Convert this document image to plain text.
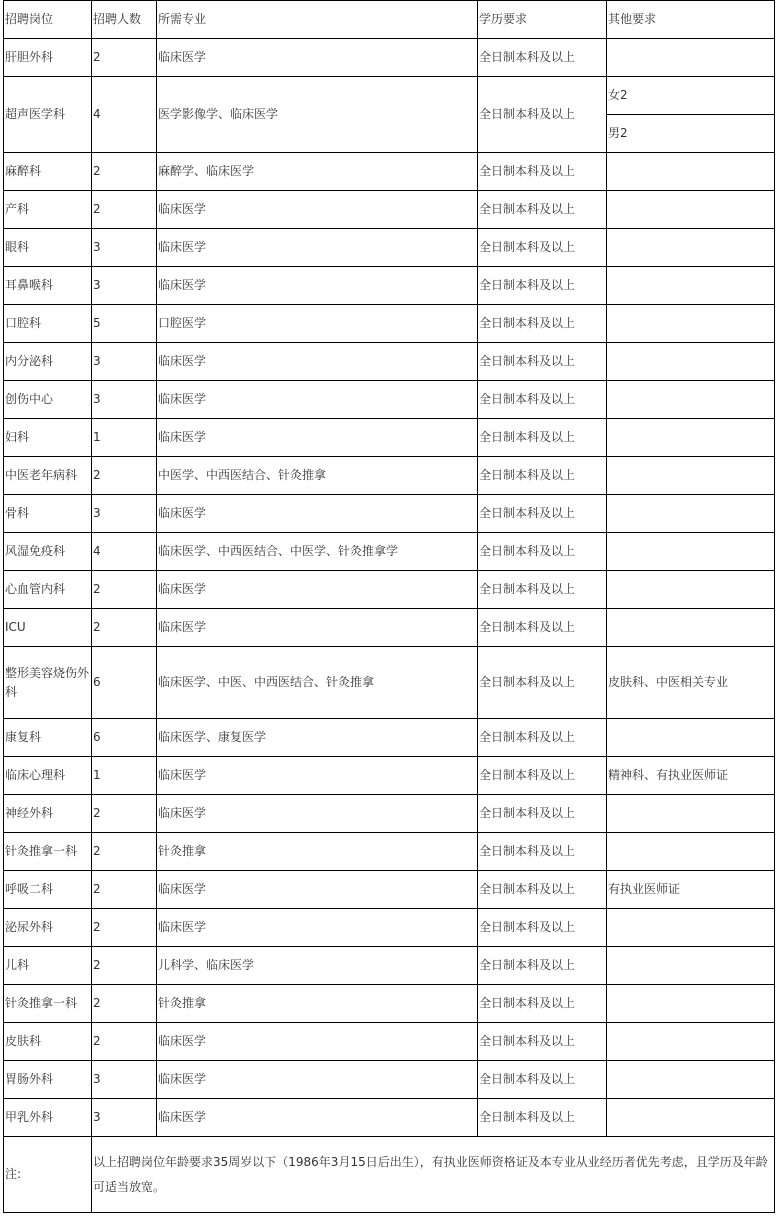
招聘岗位	招聘人数	所需专业	学历要求	其他要求
肝胆外科	2	临床医学	全日制本科及以上	
超声医学科	4	医学影像学、临床医学	全日制本科及以上	女2
				男2
麻醉科	2	麻醉学、临床医学	全日制本科及以上	
产科	2	临床医学	全日制本科及以上	
眼科	3	临床医学	全日制本科及以上	
耳鼻喉科	3	临床医学	全日制本科及以上	
口腔科	5	口腔医学	全日制本科及以上	
内分泌科	3	临床医学	全日制本科及以上	
创伤中心	3	临床医学	全日制本科及以上	
妇科	1	临床医学	全日制本科及以上	
中医老年病科	2	中医学、中西医结合、针灸推拿	全日制本科及以上	
骨科	3	临床医学	全日制本科及以上	
风湿免疫科	4	临床医学、中西医结合、中医学、针灸推拿学	全日制本科及以上	
心血管内科	2	临床医学	全日制本科及以上	
ICU	2	临床医学	全日制本科及以上	
整形美容烧伤外科	6	临床医学、中医、中西医结合、针灸推拿	全日制本科及以上	皮肤科、中医相关专业
康复科	6	临床医学、康复医学	全日制本科及以上	
临床心理科	1	临床医学	全日制本科及以上	精神科、有执业医师证
神经外科	2	临床医学	全日制本科及以上	
针灸推拿一科	2	针灸推拿	全日制本科及以上	
呼吸二科	2	临床医学	全日制本科及以上	有执业医师证
泌尿外科	2	临床医学	全日制本科及以上	
儿科	2	儿科学、临床医学	全日制本科及以上	
针灸推拿一科	2	针灸推拿	全日制本科及以上	
皮肤科	2	临床医学	全日制本科及以上	
胃肠外科	3	临床医学	全日制本科及以上	
甲乳外科	3	临床医学	全日制本科及以上	
注:	以上招聘岗位年龄要求35周岁以下（1986年3月15日后出生），有执业医师资格证及本专业从业经历者优先考虑，且学历及年龄可适当放宽。			
